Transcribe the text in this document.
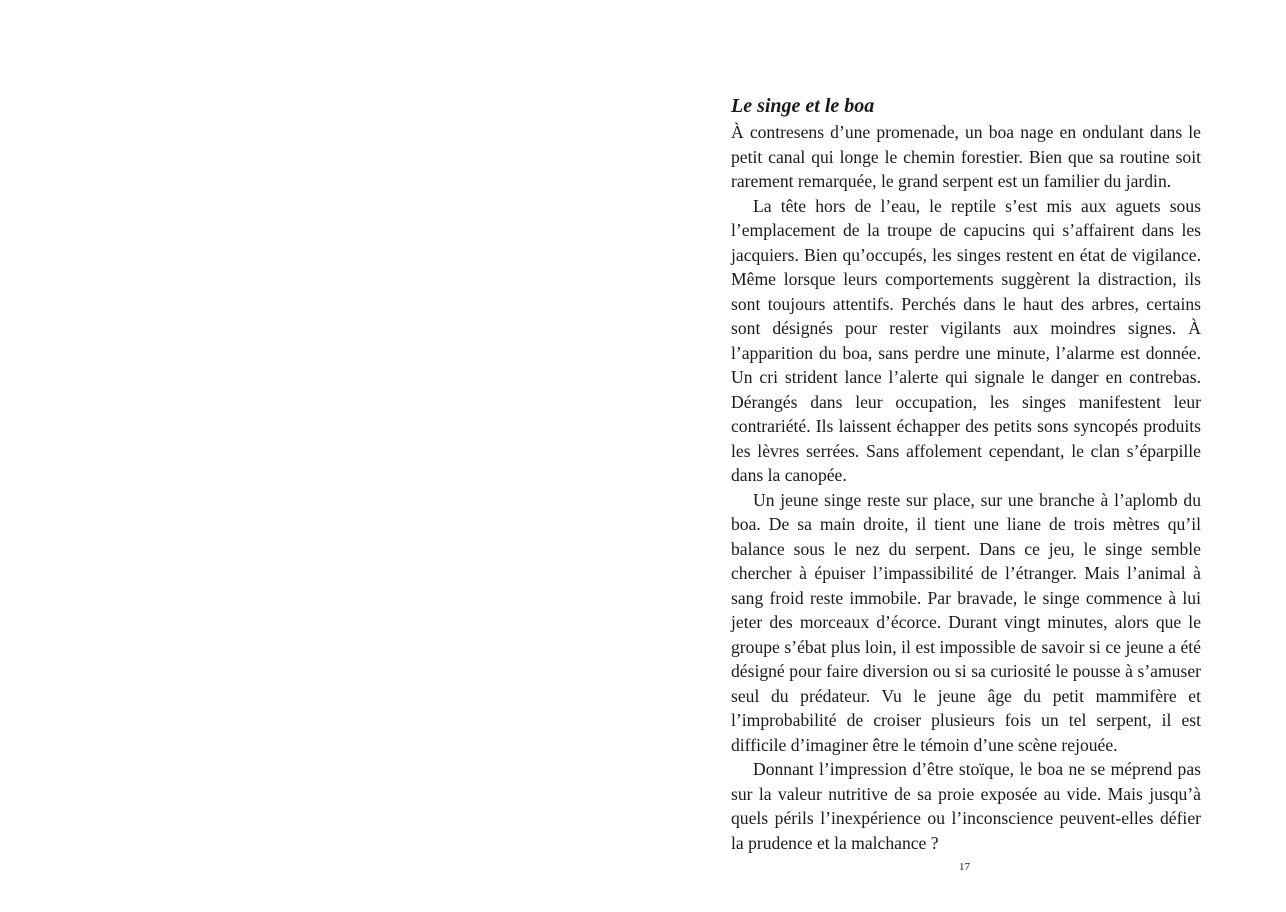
Le singe et le boa

À contresens d’une promenade, un boa nage en ondulant dans le petit canal qui longe le chemin forestier. Bien que sa routine soit rarement remarquée, le grand serpent est un familier du jardin.

La tête hors de l’eau, le reptile s’est mis aux aguets sous l’emplacement de la troupe de capucins qui s’affairent dans les jacquiers. Bien qu’occupés, les singes restent en état de vigilance. Même lorsque leurs comportements suggèrent la distraction, ils sont toujours attentifs. Perchés dans le haut des arbres, certains sont désignés pour rester vigilants aux moindres signes. À l’apparition du boa, sans perdre une minute, l’alarme est donnée. Un cri strident lance l’alerte qui signale le danger en contrebas. Dérangés dans leur occupation, les singes manifestent leur contrariété. Ils laissent échapper des petits sons syncopés produits les lèvres serrées. Sans affolement cependant, le clan s’éparpille dans la canopée.

Un jeune singe reste sur place, sur une branche à l’aplomb du boa. De sa main droite, il tient une liane de trois mètres qu’il balance sous le nez du serpent. Dans ce jeu, le singe semble chercher à épuiser l’impassibilité de l’étranger. Mais l’animal à sang froid reste immobile. Par bravade, le singe commence à lui jeter des morceaux d’écorce. Durant vingt minutes, alors que le groupe s’ébat plus loin, il est impossible de savoir si ce jeune a été désigné pour faire diversion ou si sa curiosité le pousse à s’amuser seul du prédateur. Vu le jeune âge du petit mammifère et l’improbabilité de croiser plusieurs fois un tel serpent, il est difficile d’imaginer être le témoin d’une scène rejouée.

Donnant l’impression d’être stoïque, le boa ne se méprend pas sur la valeur nutritive de sa proie exposée au vide. Mais jusqu’à quels périls l’inexpérience ou l’inconscience peuvent-elles défier la prudence et la malchance ?

17
